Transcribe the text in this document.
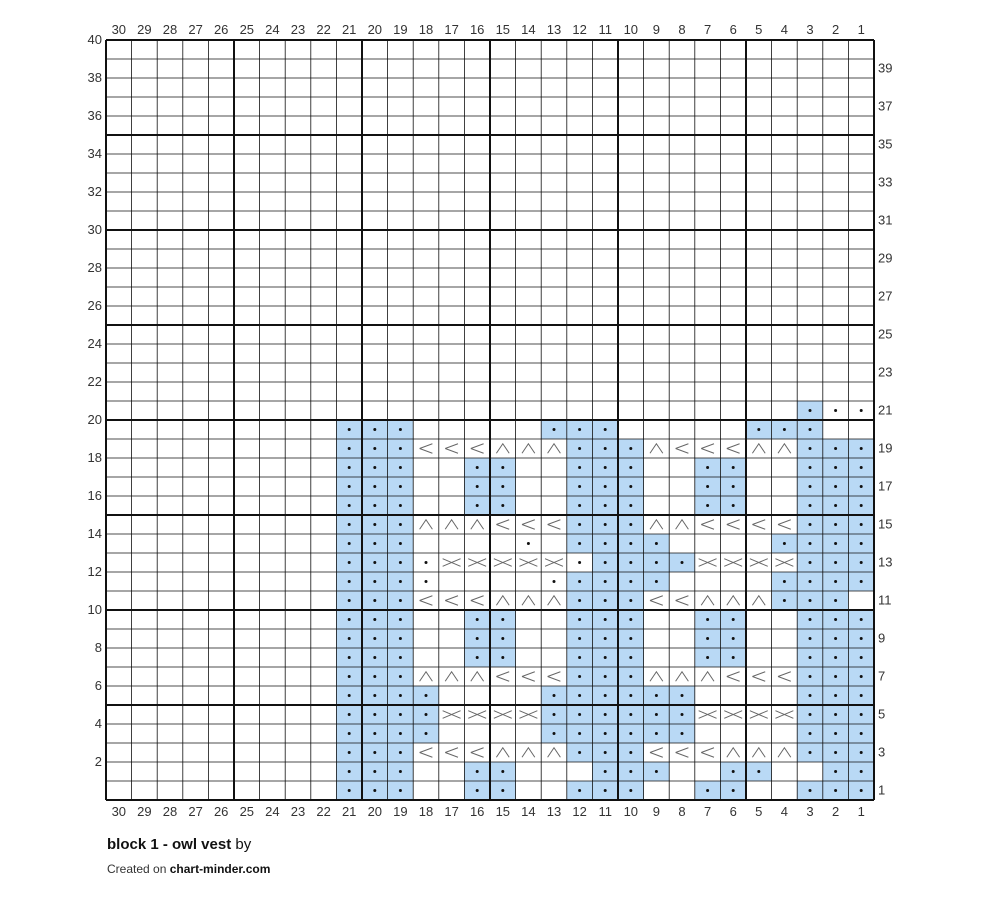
30
30
29
29
28
28
27
27
26
26
25
25
24
24
23
23
22
22
21
21
20
20
19
19
18
18
17
17
16
16
15
15
14
14
13
13
12
12
11
11
10
10
9
9
8
8
7
7
6
6
5
5
4
4
3
3
2
2
1
1
1
2
3
4
5
6
7
8
9
10
11
12
13
14
15
16
17
18
19
20
21
22
23
24
25
26
27
28
29
30
31
32
33
34
35
36
37
38
39
40
block 1 - owl vest by
Created on chart-minder.com
